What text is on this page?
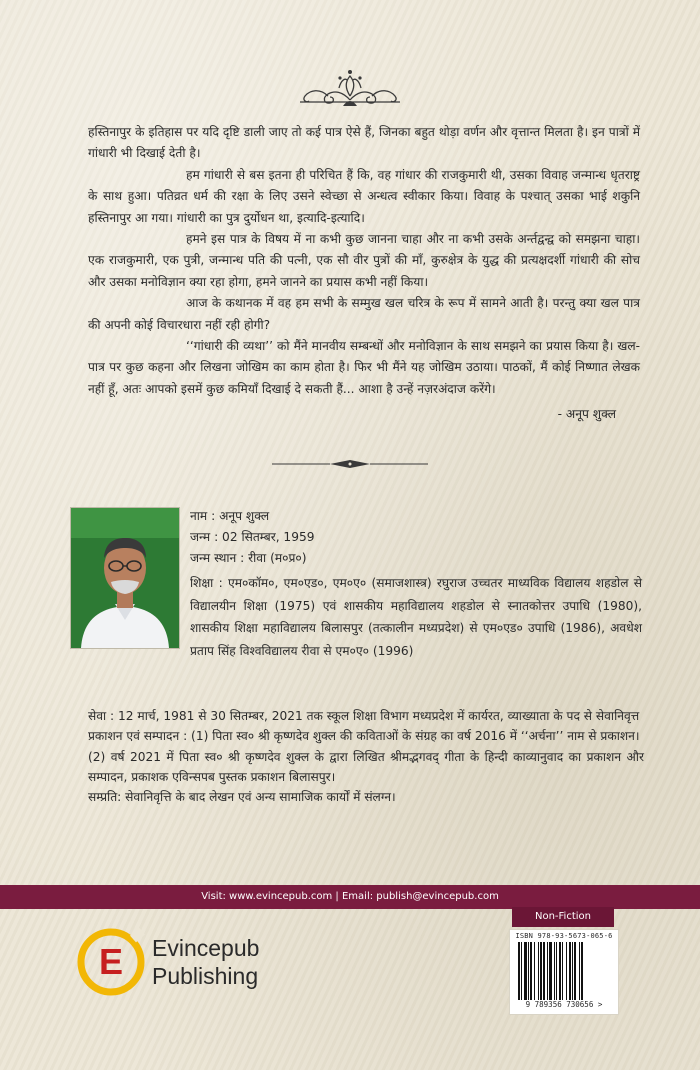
हस्तिनापुर के इतिहास पर यदि दृष्टि डाली जाए तो कई पात्र ऐसे हैं, जिनका बहुत थोड़ा वर्णन और वृत्तान्त मिलता है। इन पात्रों में गांधारी भी दिखाई देती है।

हम गांधारी से बस इतना ही परिचित हैं कि, वह गांधार की राजकुमारी थी, उसका विवाह जन्मान्ध धृतराष्ट्र के साथ हुआ। पतिव्रत धर्म की रक्षा के लिए उसने स्वेच्छा से अन्धत्व स्वीकार किया। विवाह के पश्चात् उसका भाई शकुनि हस्तिनापुर आ गया। गांधारी का पुत्र दुर्योधन था, इत्यादि-इत्यादि।

हमने इस पात्र के विषय में ना कभी कुछ जानना चाहा और ना कभी उसके अर्न्तद्वन्द्व को समझना चाहा। एक राजकुमारी, एक पुत्री, जन्मान्ध पति की पत्नी, एक सौ वीर पुत्रों की माँ, कुरुक्षेत्र के युद्ध की प्रत्यक्षदर्शी गांधारी की सोच और उसका मनोविज्ञान क्या रहा होगा, हमने जानने का प्रयास कभी नहीं किया।

आज के कथानक में वह हम सभी के सम्मुख खल चरित्र के रूप में सामने आती है। परन्तु क्या खल पात्र की अपनी कोई विचारधारा नहीं रही होगी?

‘‘गांधारी की व्यथा’’ को मैंने मानवीय सम्बन्धों और मनोविज्ञान के साथ समझने का प्रयास किया है। खल-पात्र पर कुछ कहना और लिखना जोखिम का काम होता है। फिर भी मैंने यह जोखिम उठाया। पाठकों, मैं कोई निष्णात लेखक नहीं हूँ, अतः आपको इसमें कुछ कमियाँ दिखाई दे सकती हैं... आशा है उन्हें नज़रअंदाज करेंगे।

- अनूप शुक्ल
नाम : अनूप शुक्ल
जन्म : 02 सितम्बर, 1959
जन्म स्थान : रीवा (म०प्र०)
शिक्षा : एम०कॉम०, एम०एड०, एम०ए० (समाजशास्त्र) रघुराज उच्चतर माध्यविक विद्यालय शहडोल से विद्यालयीन शिक्षा (1975) एवं शासकीय महाविद्यालय शहडोल से स्नातकोत्तर उपाधि (1980), शासकीय शिक्षा महाविद्यालय बिलासपुर (तत्कालीन मध्यप्रदेश) से एम०एड० उपाधि (1986), अवधेश प्रताप सिंह विश्वविद्यालय रीवा से एम०ए० (1996)

सेवा : 12 मार्च, 1981 से 30 सितम्बर, 2021 तक स्कूल शिक्षा विभाग मध्यप्रदेश में कार्यरत, व्याख्याता के पद से सेवानिवृत्त

प्रकाशन एवं सम्पादन : (1) पिता स्व० श्री कृष्णदेव शुक्ल की कविताओं के संग्रह का वर्ष 2016 में ‘‘अर्चना’’ नाम से प्रकाशन।

(2) वर्ष 2021 में पिता स्व० श्री कृष्णदेव शुक्ल के द्वारा लिखित श्रीमद्भगवद् गीता के हिन्दी काव्यानुवाद का प्रकाशन और सम्पादन, प्रकाशक एविन्सपब पुस्तक प्रकाशन बिलासपुर।

सम्प्रति: सेवानिवृत्ति के बाद लेखन एवं अन्य सामाजिक कार्यों में संलग्न।

Visit: www.evincepub.com | Email: publish@evincepub.com
E Evincepub
Publishing
Non-Fiction
ISBN 978-93-5673-065-6
9 789356 730656 >
